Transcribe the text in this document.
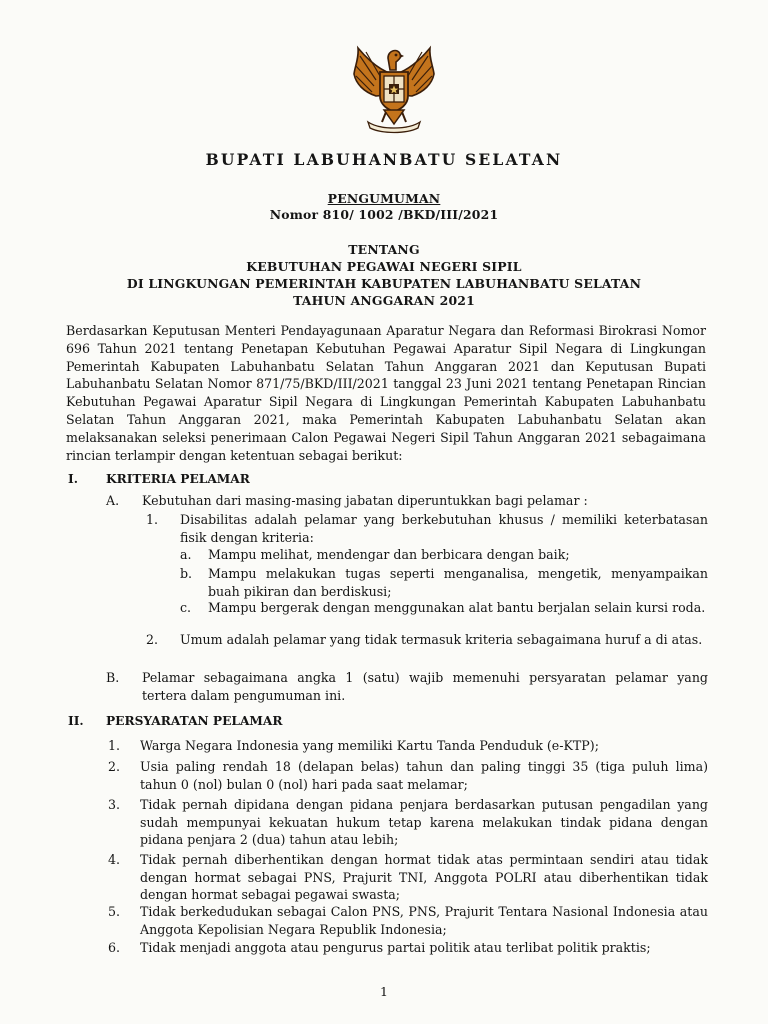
BUPATI LABUHANBATU SELATAN
PENGUMUMAN
Nomor 810/ 1002 /BKD/III/2021
TENTANG
KEBUTUHAN PEGAWAI NEGERI SIPIL
DI LINGKUNGAN PEMERINTAH KABUPATEN LABUHANBATU SELATAN
TAHUN ANGGARAN 2021
Berdasarkan Keputusan Menteri Pendayagunaan Aparatur Negara dan Reformasi Birokrasi Nomor 696 Tahun 2021 tentang Penetapan Kebutuhan Pegawai Aparatur Sipil Negara di Lingkungan Pemerintah Kabupaten Labuhanbatu Selatan Tahun Anggaran 2021 dan Keputusan Bupati Labuhanbatu Selatan Nomor 871/75/BKD/III/2021 tanggal 23 Juni 2021 tentang Penetapan Rincian Kebutuhan Pegawai Aparatur Sipil Negara di Lingkungan Pemerintah Kabupaten Labuhanbatu Selatan Tahun Anggaran 2021, maka Pemerintah Kabupaten Labuhanbatu Selatan akan melaksanakan seleksi penerimaan Calon Pegawai Negeri Sipil Tahun Anggaran 2021 sebagaimana rincian terlampir dengan ketentuan sebagai berikut:
I. KRITERIA PELAMAR
A. Kebutuhan dari masing-masing jabatan diperuntukkan bagi pelamar :
1. Disabilitas adalah pelamar yang berkebutuhan khusus / memiliki keterbatasan fisik dengan kriteria:
a. Mampu melihat, mendengar dan berbicara dengan baik;
b. Mampu melakukan tugas seperti menganalisa, mengetik, menyampaikan buah pikiran dan berdiskusi;
c. Mampu bergerak dengan menggunakan alat bantu berjalan selain kursi roda.
2. Umum adalah pelamar yang tidak termasuk kriteria sebagaimana huruf a di atas.
B. Pelamar sebagaimana angka 1 (satu) wajib memenuhi persyaratan pelamar yang tertera dalam pengumuman ini.
II. PERSYARATAN PELAMAR
1. Warga Negara Indonesia yang memiliki Kartu Tanda Penduduk (e-KTP);
2. Usia paling rendah 18 (delapan belas) tahun dan paling tinggi 35 (tiga puluh lima) tahun 0 (nol) bulan 0 (nol) hari pada saat melamar;
3. Tidak pernah dipidana dengan pidana penjara berdasarkan putusan pengadilan yang sudah mempunyai kekuatan hukum tetap karena melakukan tindak pidana dengan pidana penjara 2 (dua) tahun atau lebih;
4. Tidak pernah diberhentikan dengan hormat tidak atas permintaan sendiri atau tidak dengan hormat sebagai PNS, Prajurit TNI, Anggota POLRI atau diberhentikan tidak dengan hormat sebagai pegawai swasta;
5. Tidak berkedudukan sebagai Calon PNS, PNS, Prajurit Tentara Nasional Indonesia atau Anggota Kepolisian Negara Republik Indonesia;
6. Tidak menjadi anggota atau pengurus partai politik atau terlibat politik praktis;
1
